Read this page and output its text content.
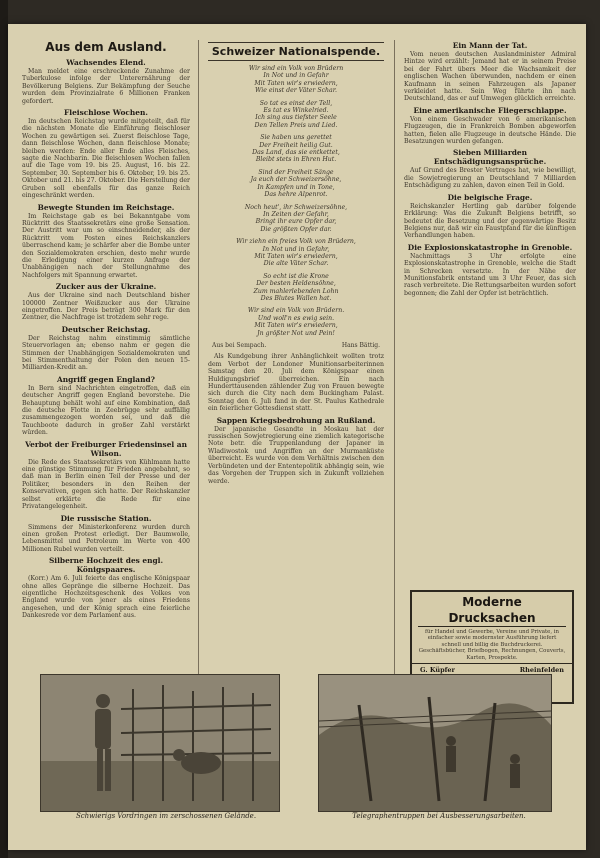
Aus dem Ausland.
Wachsendes Elend.
Man meldet eine erschreckende Zunahme der Tuberkulose infolge der Unterernährung der Bevölkerung Belgiens. Zur Bekämpfung der Seuche wurden dem Provinzialrate 6 Millionen Franken gefordert.
Fleischlose Wochen.
Im deutschen Reichstag wurde mitgeteilt, daß für die nächsten Monate die Einführung fleischloser Wochen zu gewärtigen sei. Zuerst fleischlose Tage, dann fleischlose Wochen, dann fleischlose Monate; bleiben werden: Ende aller Ende alles Fleisches, sagte die Nachbarin. Die fleischlosen Wochen fallen auf die Tage vom 19. bis 25. August, 16. bis 22. September, 30. September bis 6. Oktober, 19. bis 25. Oktober und 21. bis 27. Oktober. Die Herstellung der Gruben soll ebenfalls für das ganze Reich eingeschränkt werden.
Bewegte Stunden im Reichstage.
Im Reichstage gab es bei Bekanntgabe vom Rücktritt des Staatssekretärs eine große Sensation. Der Austritt war um so einschneidender, als der Rücktritt vom Posten eines Reichskanzlers überraschend kam; je schärfer aber die Bombe unter den Sozialdemokraten erschien, desto mehr wurde die Erledigung einer kurzen Anfrage der Unabhängigen nach der Stellungnahme des Nachfolgers mit Spannung erwartet.
Zucker aus der Ukraine.
Aus der Ukraine sind nach Deutschland bisher 100000 Zentner Weißzucker aus der Ukraine eingetroffen. Der Preis beträgt 300 Mark für den Zentner, die Nachfrage ist trotzdem sehr rege.
Deutscher Reichstag.
Der Reichstag nahm einstimmig sämtliche Steuervorlagen an; ebenso nahm er gegen die Stimmen der Unabhängigen Sozialdemokraten und bei Stimmenthaltung der Polen den neuen 15-Milliarden-Kredit an.
Angriff gegen England?
In Bern sind Nachrichten eingetroffen, daß ein deutscher Angriff gegen England bevorstehe. Die Behauptung behält wohl auf eine Kombination, daß die deutsche Flotte in Zeebrügge sehr auffällig zusammengezogen worden sei, und daß die Tauchboote dadurch in großer Zahl verstärkt würden.
Verbot der Freiburger Friedensinsel an Wilson.
Die Rede des Staatssekretärs von Kühlmann hatte eine günstige Stimmung für Frieden angebahnt, so daß man in Berlin einen Teil der Presse und der Politiker, besonders in den Reihen der Konservativen, gegen sich hatte. Der Reichskanzler selbst erklärte die Rede für eine Privatangelegenheit.
Die russische Station.
Simmens der Ministerkonferenz wurden durch einen großen Protest erledigt. Der Baumwolle, Lebensmittel und Petroleum im Werte von 400 Millionen Rubel wurden verteilt.
Silberne Hochzeit des engl. Königspaares.
(Korr.) Am 6. Juli feierte das englische Königspaar ohne alles Gepränge die silberne Hochzeit. Das eigentliche Hochzeitsgeschenk des Volkes von England wurde von jener als eines Friedens angesehen, und der König sprach eine feierliche Dankesrede vor dem Parlament aus.
Schweizer Nationalspende.
Wir sind ein Volk von Brüdern
In Not und in Gefahr
Mit Taten wir's erwiedern,
Wie einst der Väter Schar.
So tat es einst der Tell,
Es tat es Winkelried.
Ich sing aus tiefster Seele
Den Tellen Preis und Lied.
Sie haben uns gerettet
Der Freiheit heilig Gut.
Das Land, das sie entkettet,
Bleibt stets in Ehren Hut.
Sind der Freiheit Sänge
Ja euch der Schweizersöhne,
In Kampfen und in Tone,
Das hehre Alpenrot.
Noch heut', ihr Schweizersöhne,
In Zeiten der Gefahr,
Bringt ihr eure Opfer dar,
Die größten Opfer dar.
Wir ziehn ein freies Volk von Brüdern,
In Not und in Gefahr,
Mit Taten wir's erwiedern,
Die alte Väter Schar.
So echt ist die Krone
Der besten Heldensöhne,
Zum mahlerlebenden Lohn
Des Blutes Wallen hat.
Wir sind ein Volk von Brüdern.
Und woll'n es ewig sein.
Mit Taten wir's erwiedern,
Jn größter Not und Pein!
Aus bei Sempach.	Hans Bättig.
Als Kundgebung ihrer Anhänglichkeit wollten trotz dem Verbot der Londoner Munitionsarbeiterinnen Samstag den 20. Juli dem Königspaar einen Huldigungsbrief überreichen. Ein nach Hunderttausenden zählender Zug von Frauen bewegte sich durch die City nach dem Buckingham Palast. Sonntag den 6. Juli fand in der St. Paulus Kathedrale ein feierlicher Gottesdienst statt.
Sappen Kriegsbedrohung an Rußland.
Der japanische Gesandte in Moskau hat der russischen Sowjetregierung eine ziemlich kategorische Note betr. die Truppenlandung der Japaner in Wladiwostok und Angriffen an der Murmanküste überreicht. Es wurde von dem Verhältnis zwischen den Verbündeten und der Ententepolitik abhängig sein, wie das Vorgehen der Truppen sich in Zukunft vollziehen werde.
Ein Mann der Tat.
Vom neuen deutschen Auslandminister Admiral Hintze wird erzählt: Jemand hat er in seinem Preise bei der Fahrt übers Meer die Wachsamkeit der englischen Wachen überwunden, nachdem er einen Kaufmann in seinen Fahrzeugen als Japaner verkleidet hatte. Sein Weg führte ihn nach Deutschland, das er auf Umwegen glücklich erreichte.
Eine amerikanische Fliegerschlappe.
Von einem Geschwader von 6 amerikanischen Flugzeugen, die in Frankreich Bomben abgeworfen hatten, fielen alle Flugzeuge in deutsche Hände. Die Besatzungen wurden gefangen.
Sieben Milliarden Entschädigungsansprüche.
Auf Grund des Brester Vertrages hat, wie bewilligt, die Sowjetregierung an Deutschland 7 Milliarden Entschädigung zu zahlen, davon einen Teil in Gold.
Die belgische Frage.
Reichskanzler Hertling gab darüber folgende Erklärung: Was die Zukunft Belgiens betrifft, so bedeutet die Besetzung und der gegenwärtige Besitz Belgiens nur, daß wir ein Faustpfand für die künftigen Verhandlungen haben.
Die Explosionskatastrophe in Grenoble.
Nachmittags 3 Uhr erfolgte eine Explosionskatastrophe in Grenoble, welche die Stadt in Schrecken versetzte. In der Nähe der Munitionsfabrik entstand um 3 Uhr Feuer, das sich rasch verbreitete. Die Rettungsarbeiten wurden sofort begonnen; die Zahl der Opfer ist beträchtlich.
Moderne Drucksachen
für Handel und Gewerbe, Vereine und Private, in einfacher sowie modernster Ausführung liefert schnell und billig die Buchdruckerei. Geschäftsbücher, Briefbogen, Rechnungen, Couverts, Karten, Prospekte.
G. Küpfer	Rheinfelden
Schwierigs Vordringen im zerschossenen Gelände.	Telegraphentruppen bei Ausbesserungsarbeiten.
